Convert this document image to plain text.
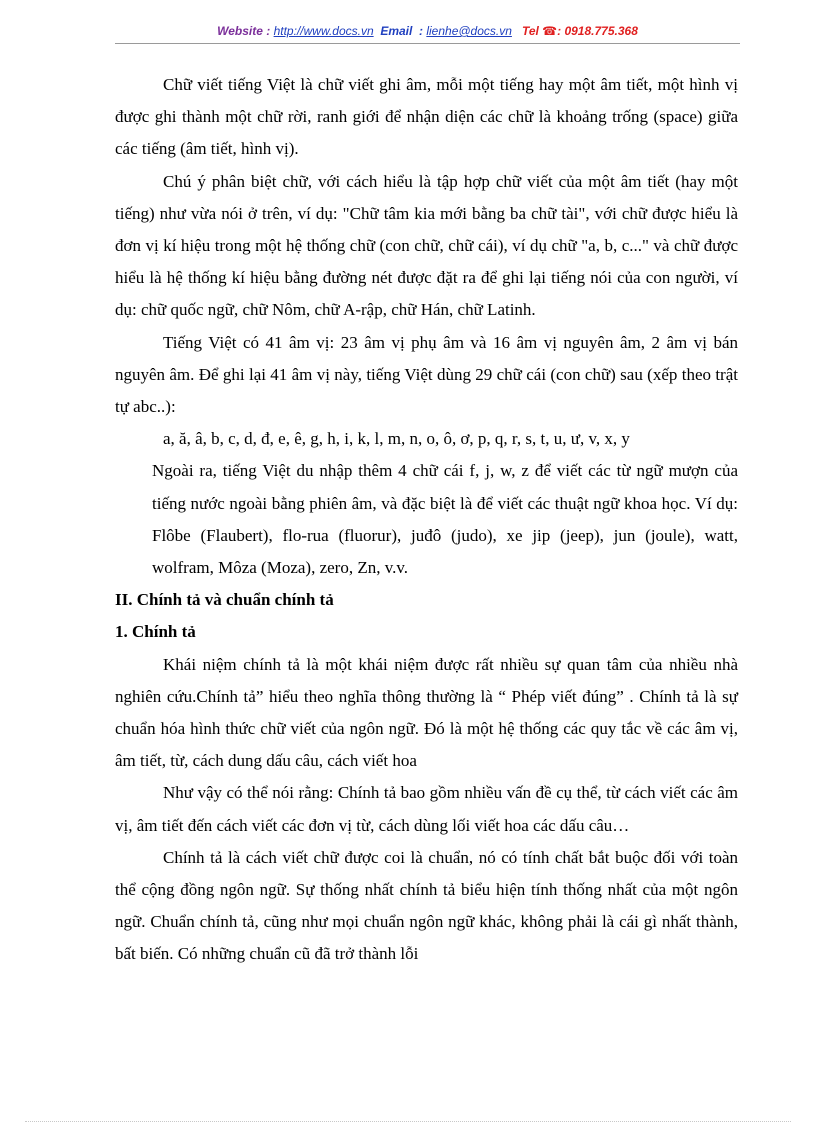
Website : http://www.docs.vn Email  : lienhe@docs.vn Tel ☎: 0918.775.368

Chữ viết tiếng Việt là chữ viết ghi âm, mỗi một tiếng hay một âm tiết, một hình vị được ghi thành một chữ rời, ranh giới để nhận diện các chữ là khoảng trống (space) giữa các tiếng (âm tiết, hình vị).

Chú ý phân biệt chữ, với cách hiểu là tập hợp chữ viết của một âm tiết (hay một tiếng) như vừa nói ở trên, ví dụ: "Chữ tâm kia mới bằng ba chữ tài", với chữ được hiểu là đơn vị kí hiệu trong một hệ thống chữ (con chữ, chữ cái), ví dụ chữ "a, b, c..." và chữ được hiểu là hệ thống kí hiệu bằng đường nét được đặt ra để ghi lại tiếng nói của con người, ví dụ: chữ quốc ngữ, chữ Nôm, chữ A-rập, chữ Hán, chữ Latinh.

Tiếng Việt có 41 âm vị: 23 âm vị phụ âm và 16 âm vị nguyên âm, 2 âm vị bán nguyên âm. Để ghi lại 41 âm vị này, tiếng Việt dùng 29 chữ cái (con chữ) sau (xếp theo trật tự abc..):

a, ă, â, b, c, d, đ, e, ê, g, h, i, k, l, m, n, o, ô, ơ, p, q, r, s, t, u, ư, v, x, y

Ngoài ra, tiếng Việt du nhập thêm 4 chữ cái f, j, w, z để viết các từ ngữ mượn của tiếng nước ngoài bằng phiên âm, và đặc biệt là để viết các thuật ngữ khoa học. Ví dụ: Flôbe (Flaubert), flo-rua (fluorur), juđô (judo), xe jip (jeep), jun (joule), watt, wolfram, Môza (Moza), zero, Zn, v.v.

II. Chính tả và chuẩn chính tả
1. Chính tả

Khái niệm chính tả là một khái niệm được rất nhiều sự quan tâm của nhiều nhà nghiên cứu.Chính tả” hiểu theo nghĩa thông thường là “ Phép viết đúng” . Chính tả là sự chuẩn hóa hình thức chữ viết của ngôn ngữ. Đó là một hệ thống các quy tắc về các âm vị, âm tiết, từ, cách dung dấu câu, cách viết hoa

Như vậy có thể nói rằng: Chính tả bao gồm nhiều vấn đề cụ thể, từ cách viết các âm vị, âm tiết đến cách viết các đơn vị từ, cách dùng lối viết hoa các dấu câu…

Chính tả là cách viết chữ được coi là chuẩn, nó có tính chất bắt buộc đối với toàn thể cộng đồng ngôn ngữ. Sự thống nhất chính tả biểu hiện tính thống nhất của một ngôn ngữ. Chuẩn chính tả, cũng như mọi chuẩn ngôn ngữ khác, không phải là cái gì nhất thành, bất biến. Có những chuẩn cũ đã trở thành lỗi
